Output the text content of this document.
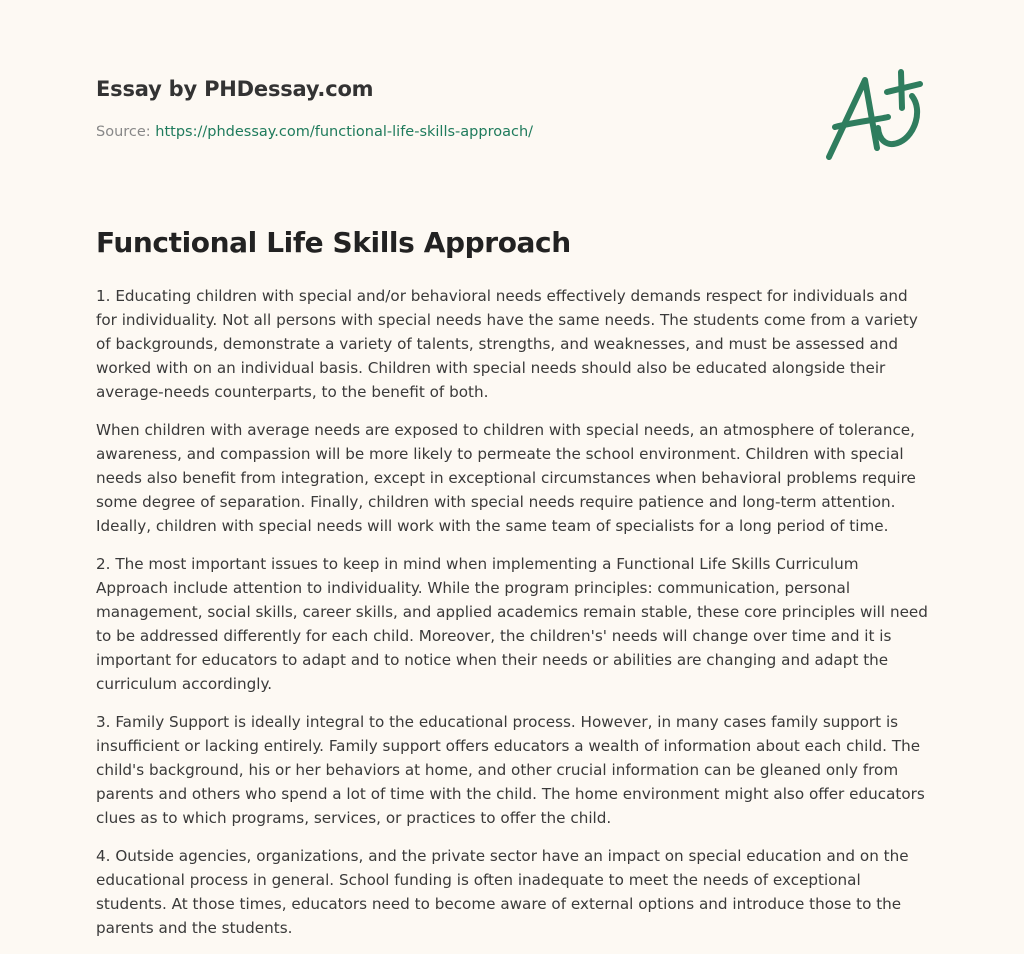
Essay by PHDessay.com
Source: https://phdessay.com/functional-life-skills-approach/
Functional Life Skills Approach

1. Educating children with special and/or behavioral needs effectively demands respect for individuals and for individuality. Not all persons with special needs have the same needs. The students come from a variety of backgrounds, demonstrate a variety of talents, strengths, and weaknesses, and must be assessed and worked with on an individual basis. Children with special needs should also be educated alongside their average-needs counterparts, to the benefit of both.

When children with average needs are exposed to children with special needs, an atmosphere of tolerance, awareness, and compassion will be more likely to permeate the school environment. Children with special needs also benefit from integration, except in exceptional circumstances when behavioral problems require some degree of separation. Finally, children with special needs require patience and long-term attention. Ideally, children with special needs will work with the same team of specialists for a long period of time.

2. The most important issues to keep in mind when implementing a Functional Life Skills Curriculum Approach include attention to individuality. While the program principles: communication, personal management, social skills, career skills, and applied academics remain stable, these core principles will need to be addressed differently for each child. Moreover, the children's' needs will change over time and it is important for educators to adapt and to notice when their needs or abilities are changing and adapt the curriculum accordingly.

3. Family Support is ideally integral to the educational process. However, in many cases family support is insufficient or lacking entirely. Family support offers educators a wealth of information about each child. The child's background, his or her behaviors at home, and other crucial information can be gleaned only from parents and others who spend a lot of time with the child. The home environment might also offer educators clues as to which programs, services, or practices to offer the child.

4. Outside agencies, organizations, and the private sector have an impact on special education and on the educational process in general. School funding is often inadequate to meet the needs of exceptional students. At those times, educators need to become aware of external options and introduce those to the parents and the students.
